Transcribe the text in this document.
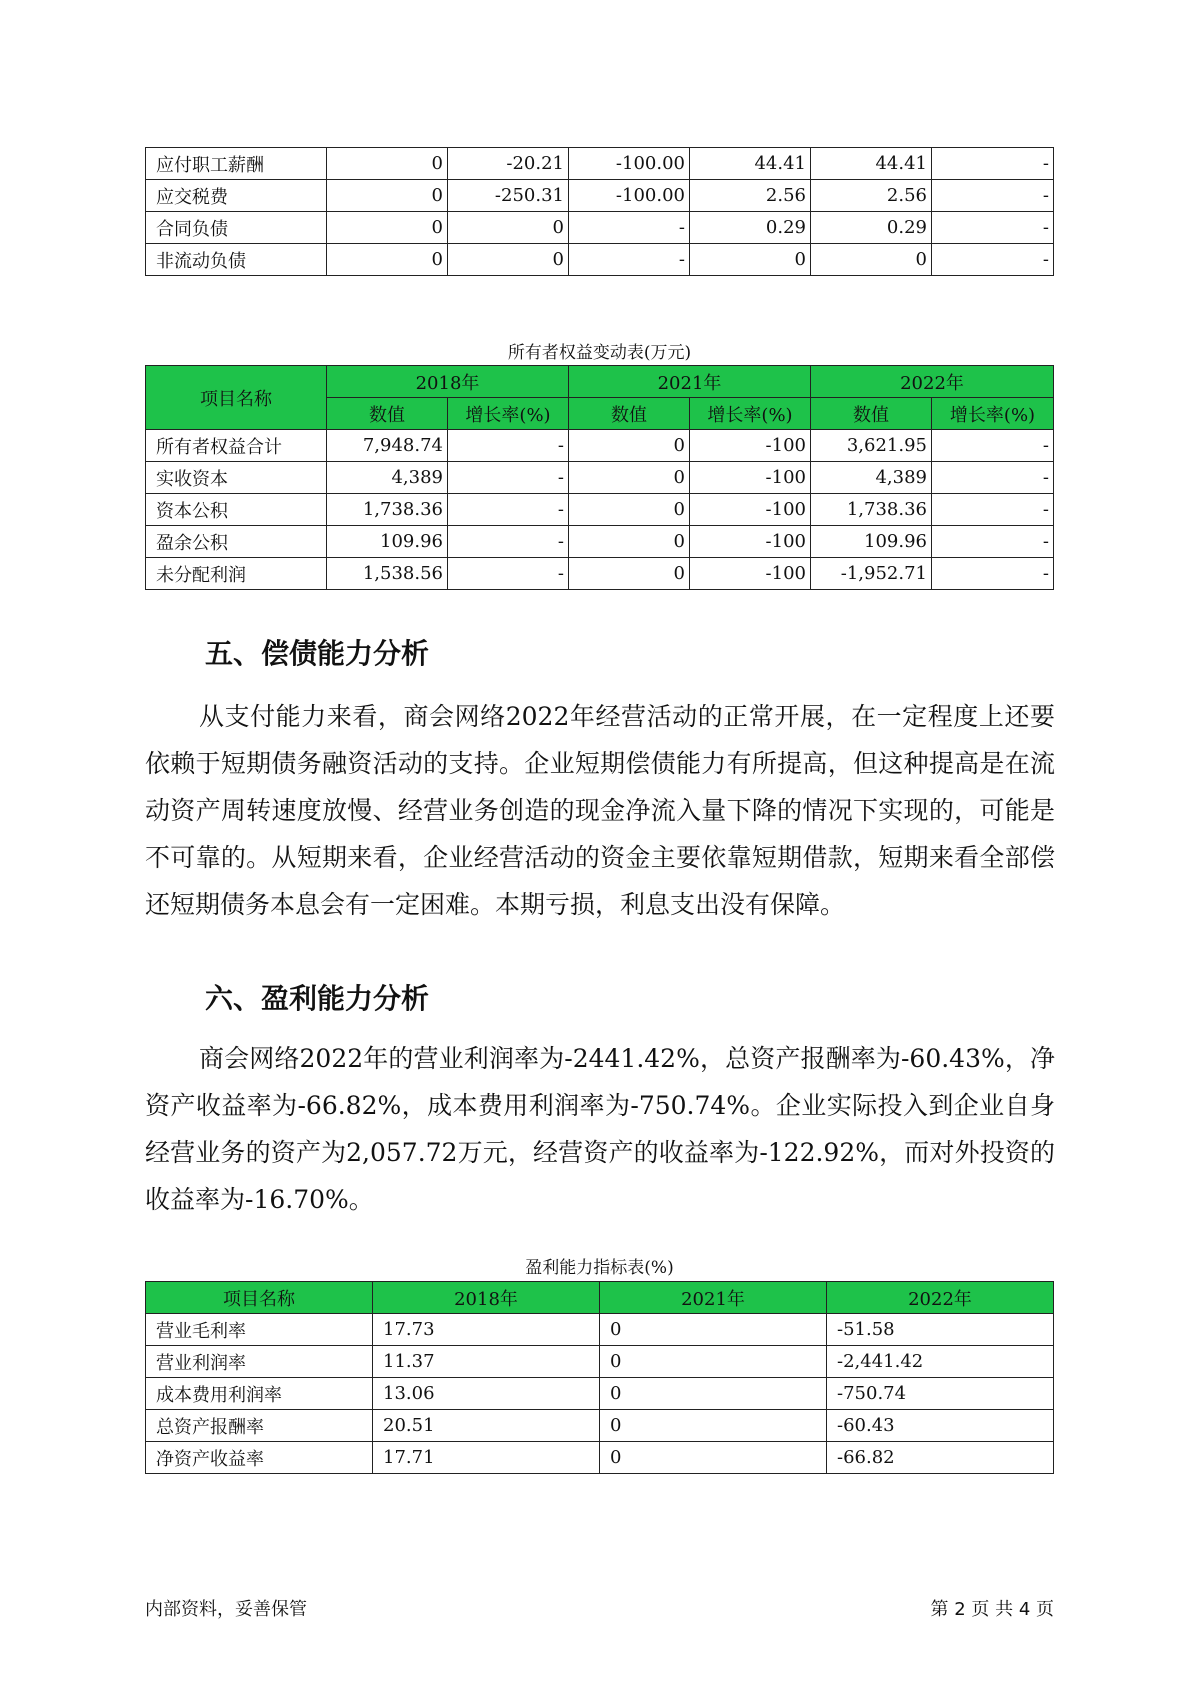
应付职工薪酬	0	-20.21	-100.00	44.41	44.41	-
应交税费	0	-250.31	-100.00	2.56	2.56	-
合同负债	0	0	-	0.29	0.29	-
非流动负债	0	0	-	0	0	-
所有者权益变动表(万元)
项目名称	2018年		2021年		2022年	
	数值	增长率(%)	数值	增长率(%)	数值	增长率(%)
所有者权益合计	7,948.74	-	0	-100	3,621.95	-
实收资本	4,389	-	0	-100	4,389	-
资本公积	1,738.36	-	0	-100	1,738.36	-
盈余公积	109.96	-	0	-100	109.96	-
未分配利润	1,538.56	-	0	-100	-1,952.71	-
五、偿债能力分析

从支付能力来看，商会网络2022年经营活动的正常开展，在一定程度上还要依赖于短期债务融资活动的支持。企业短期偿债能力有所提高，但这种提高是在流动资产周转速度放慢、经营业务创造的现金净流入量下降的情况下实现的，可能是不可靠的。从短期来看，企业经营活动的资金主要依靠短期借款，短期来看全部偿还短期债务本息会有一定困难。本期亏损，利息支出没有保障。

六、盈利能力分析

商会网络2022年的营业利润率为-2441.42%，总资产报酬率为-60.43%，净资产收益率为-66.82%，成本费用利润率为-750.74%。企业实际投入到企业自身经营业务的资产为2,057.72万元，经营资产的收益率为-122.92%，而对外投资的收益率为-16.70%。

盈利能力指标表(%)
项目名称	2018年	2021年	2022年
营业毛利率	17.73	0	-51.58
营业利润率	11.37	0	-2,441.42
成本费用利润率	13.06	0	-750.74
总资产报酬率	20.51	0	-60.43
净资产收益率	17.71	0	-66.82
内部资料，妥善保管	第 2 页 共 4 页
